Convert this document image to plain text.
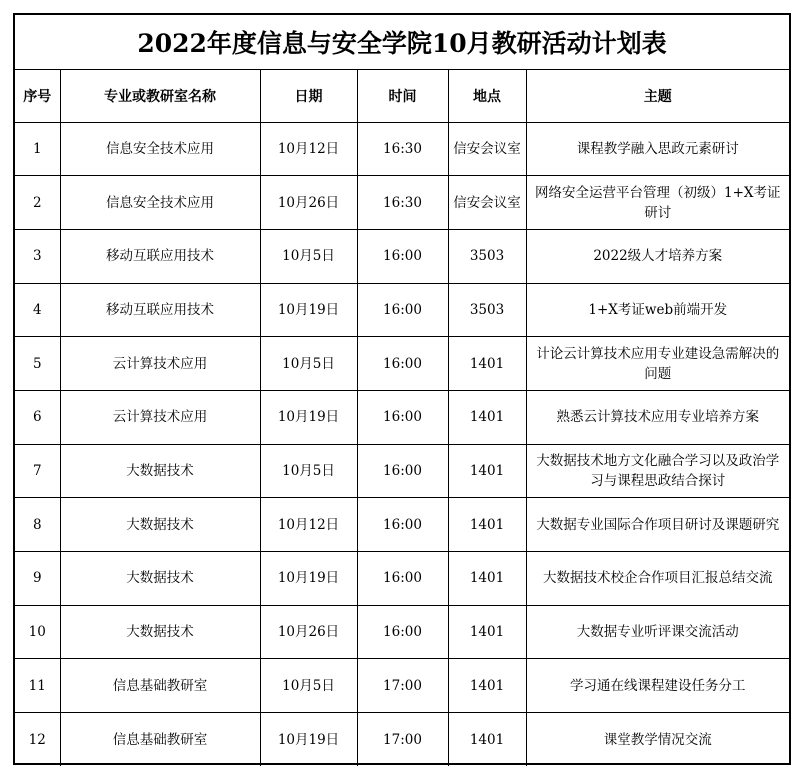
2022年度信息与安全学院10月教研活动计划表
序号	专业或教研室名称	日期	时间	地点	主题
1	信息安全技术应用	10月12日	16:30	信安会议室	课程教学融入思政元素研讨
2	信息安全技术应用	10月26日	16:30	信安会议室	网络安全运营平台管理（初级）1+X考证研讨
3	移动互联应用技术	10月5日	16:00	3503	2022级人才培养方案
4	移动互联应用技术	10月19日	16:00	3503	1+X考证web前端开发
5	云计算技术应用	10月5日	16:00	1401	计论云计算技术应用专业建设急需解决的问题
6	云计算技术应用	10月19日	16:00	1401	熟悉云计算技术应用专业培养方案
7	大数据技术	10月5日	16:00	1401	大数据技术地方文化融合学习以及政治学习与课程思政结合探讨
8	大数据技术	10月12日	16:00	1401	大数据专业国际合作项目研讨及课题研究
9	大数据技术	10月19日	16:00	1401	大数据技术校企合作项目汇报总结交流
10	大数据技术	10月26日	16:00	1401	大数据专业听评课交流活动
11	信息基础教研室	10月5日	17:00	1401	学习通在线课程建设任务分工
12	信息基础教研室	10月19日	17:00	1401	课堂教学情况交流
